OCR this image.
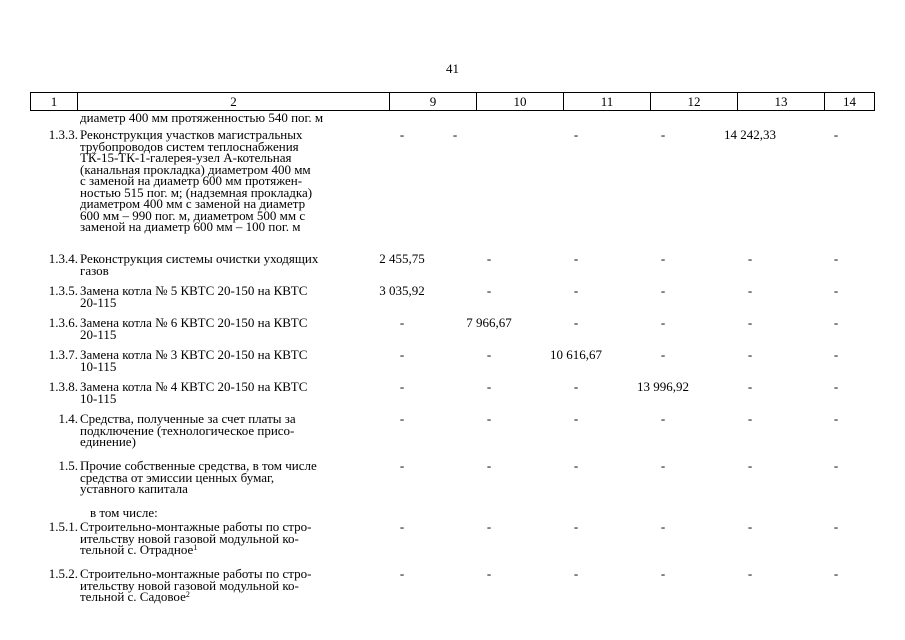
41
1	2	9	10	11	12	13	14
диаметр 400 мм протяженностью 540 пог. м
1.3.3. Реконструкция участков магистральных
трубопроводов систем теплоснабжения
ТК-15-ТК-1-галерея-узел А-котельная
(канальная прокладка) диаметром 400 мм
с заменой на диаметр 600 мм протяжен-
ностью 515 пог. м; (надземная прокладка)
диаметром 400 мм с заменой на диаметр
600 мм – 990 пог. м, диаметром 500 мм с
заменой на диаметр 600 мм – 100 пог. м
-	-	-	-	14 242,33	-
1.3.4. Реконструкция системы очистки уходящих
газов
2 455,75	-	-	-	-	-
1.3.5. Замена котла № 5 КВТС 20-150 на КВТС
20-115
3 035,92	-	-	-	-	-
1.3.6. Замена котла № 6 КВТС 20-150 на КВТС
20-115
-	7 966,67	-	-	-	-
1.3.7. Замена котла № 3 КВТС 20-150 на КВТС
10-115
-	-	10 616,67	-	-	-
1.3.8. Замена котла № 4 КВТС 20-150 на КВТС
10-115
-	-	-	13 996,92	-	-
1.4. Средства, полученные за счет платы за
подключение (технологическое присо-
единение)
-	-	-	-	-	-
1.5. Прочие собственные средства, в том числе
средства от эмиссии ценных бумаг,
уставного капитала
-	-	-	-	-	-
в том числе:
1.5.1. Строительно-монтажные работы по стро-
ительству новой газовой модульной ко-
тельной с. Отрадное$^1$
-	-	-	-	-	-
1.5.2. Строительно-монтажные работы по стро-
ительству новой газовой модульной ко-
тельной с. Садовое$^2$
-	-	-	-	-	-
